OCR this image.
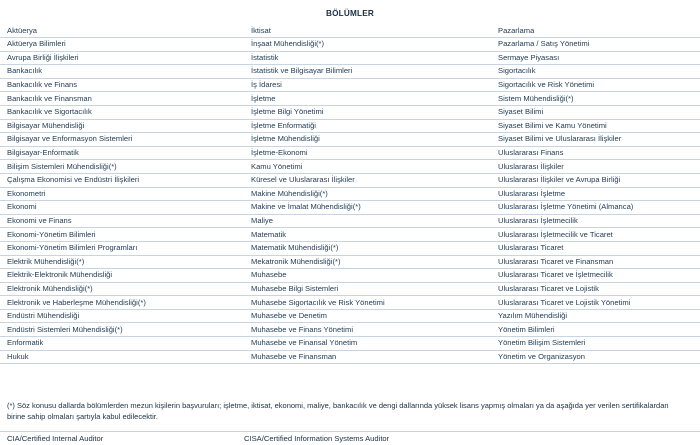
BÖLÜMLER
Aktüerya	İktisat	Pazarlama
Aktüerya Bilimleri	İnşaat Mühendisliği(*)	Pazarlama / Satış Yönetimi
Avrupa Birliği İlişkileri	İstatistik	Sermaye Piyasası
Bankacılık	İstatistik ve Bilgisayar Bilimleri	Sigortacılık
Bankacılık ve Finans	İş İdaresi	Sigortacılık ve Risk Yönetimi
Bankacılık ve Finansman	İşletme	Sistem Mühendisliği(*)
Bankacılık ve Sigortacılık	İşletme Bilgi Yönetimi	Siyaset Bilimi
Bilgisayar Mühendisliği	İşletme Enformatiği	Siyaset Bilimi ve Kamu Yönetimi
Bilgisayar ve Enformasyon Sistemleri	İşletme Mühendisliği	Siyaset Bilimi ve Uluslararası İlişkiler
Bilgisayar-Enformatik	İşletme-Ekonomi	Uluslararası Finans
Bilişim Sistemleri Mühendisliği(*)	Kamu Yönetimi	Uluslararası İlişkiler
Çalışma Ekonomisi ve Endüstri İlişkileri	Küresel ve Uluslararası İlişkiler	Uluslararası İlişkiler ve Avrupa Birliği
Ekonometri	Makine Mühendisliği(*)	Uluslararası İşletme
Ekonomi	Makine ve İmalat Mühendisliği(*)	Uluslararası İşletme Yönetimi (Almanca)
Ekonomi ve Finans	Maliye	Uluslararası İşletmecilik
Ekonomi-Yönetim Bilimleri	Matematik	Uluslararası İşletmecilik ve Ticaret
Ekonomi-Yönetim Bilimleri Programları	Matematik Mühendisliği(*)	Uluslararası Ticaret
Elektrik Mühendisliği(*)	Mekatronik Mühendisliği(*)	Uluslararası Ticaret ve Finansman
Elektrik-Elektronik Mühendisliği	Muhasebe	Uluslararası Ticaret ve İşletmecilik
Elektronik Mühendisliği(*)	Muhasebe Bilgi Sistemleri	Uluslararası Ticaret ve Lojistik
Elektronik ve Haberleşme Mühendisliği(*)	Muhasebe Sigortacılık ve Risk Yönetimi	Uluslararası Ticaret ve Lojistik Yönetimi
Endüstri Mühendisliği	Muhasebe ve Denetim	Yazılım Mühendisliği
Endüstri Sistemleri Mühendisliği(*)	Muhasebe ve Finans Yönetimi	Yönetim Bilimleri
Enformatik	Muhasebe ve Finansal Yönetim	Yönetim Bilişim Sistemleri
Hukuk	Muhasebe ve Finansman	Yönetim ve Organizasyon
(*) Söz konusu dallarda bölümlerden mezun kişilerin başvuruları; işletme, iktisat, ekonomi, maliye, bankacılık ve dengi dallarında yüksek lisans yapmış olmaları ya da aşağıda yer verilen sertifikalardan
birine sahip olmaları şartıyla kabul edilecektir.
CIA/Certified Internal Auditor	CISA/Certified Information Systems Auditor
